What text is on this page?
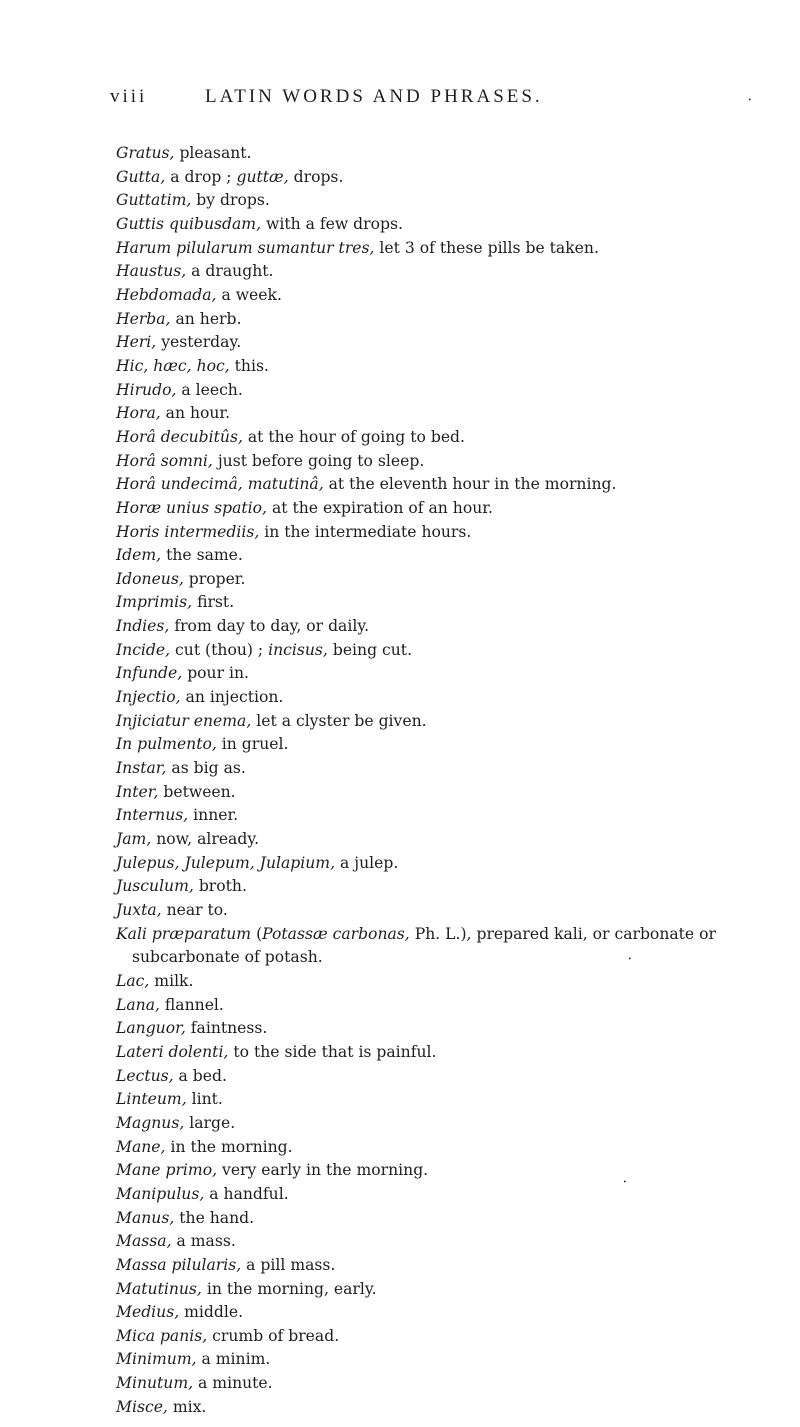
viii	LATIN WORDS AND PHRASES.
Gratus, pleasant.
Gutta, a drop ; guttæ, drops.
Guttatim, by drops.
Guttis quibusdam, with a few drops.
Harum pilularum sumantur tres, let 3 of these pills be taken.
Haustus, a draught.
Hebdomada, a week.
Herba, an herb.
Heri, yesterday.
Hic, hæc, hoc, this.
Hirudo, a leech.
Hora, an hour.
Horâ decubitûs, at the hour of going to bed.
Horâ somni, just before going to sleep.
Horâ undecimâ, matutinâ, at the eleventh hour in the morning.
Horæ unius spatio, at the expiration of an hour.
Horis intermediis, in the intermediate hours.
Idem, the same.
Idoneus, proper.
Imprimis, first.
Indies, from day to day, or daily.
Incide, cut (thou) ; incisus, being cut.
Infunde, pour in.
Injectio, an injection.
Injiciatur enema, let a clyster be given.
In pulmento, in gruel.
Instar, as big as.
Inter, between.
Internus, inner.
Jam, now, already.
Julepus, Julepum, Julapium, a julep.
Jusculum, broth.
Juxta, near to.
Kali præparatum (Potassæ carbonas, Ph. L.), prepared kali, or carbonate or subcarbonate of potash.
Lac, milk.
Lana, flannel.
Languor, faintness.
Lateri dolenti, to the side that is painful.
Lectus, a bed.
Linteum, lint.
Magnus, large.
Mane, in the morning.
Mane primo, very early in the morning.
Manipulus, a handful.
Manus, the hand.
Massa, a mass.
Massa pilularis, a pill mass.
Matutinus, in the morning, early.
Medius, middle.
Mica panis, crumb of bread.
Minimum, a minim.
Minutum, a minute.
Misce, mix.
•
•
•
